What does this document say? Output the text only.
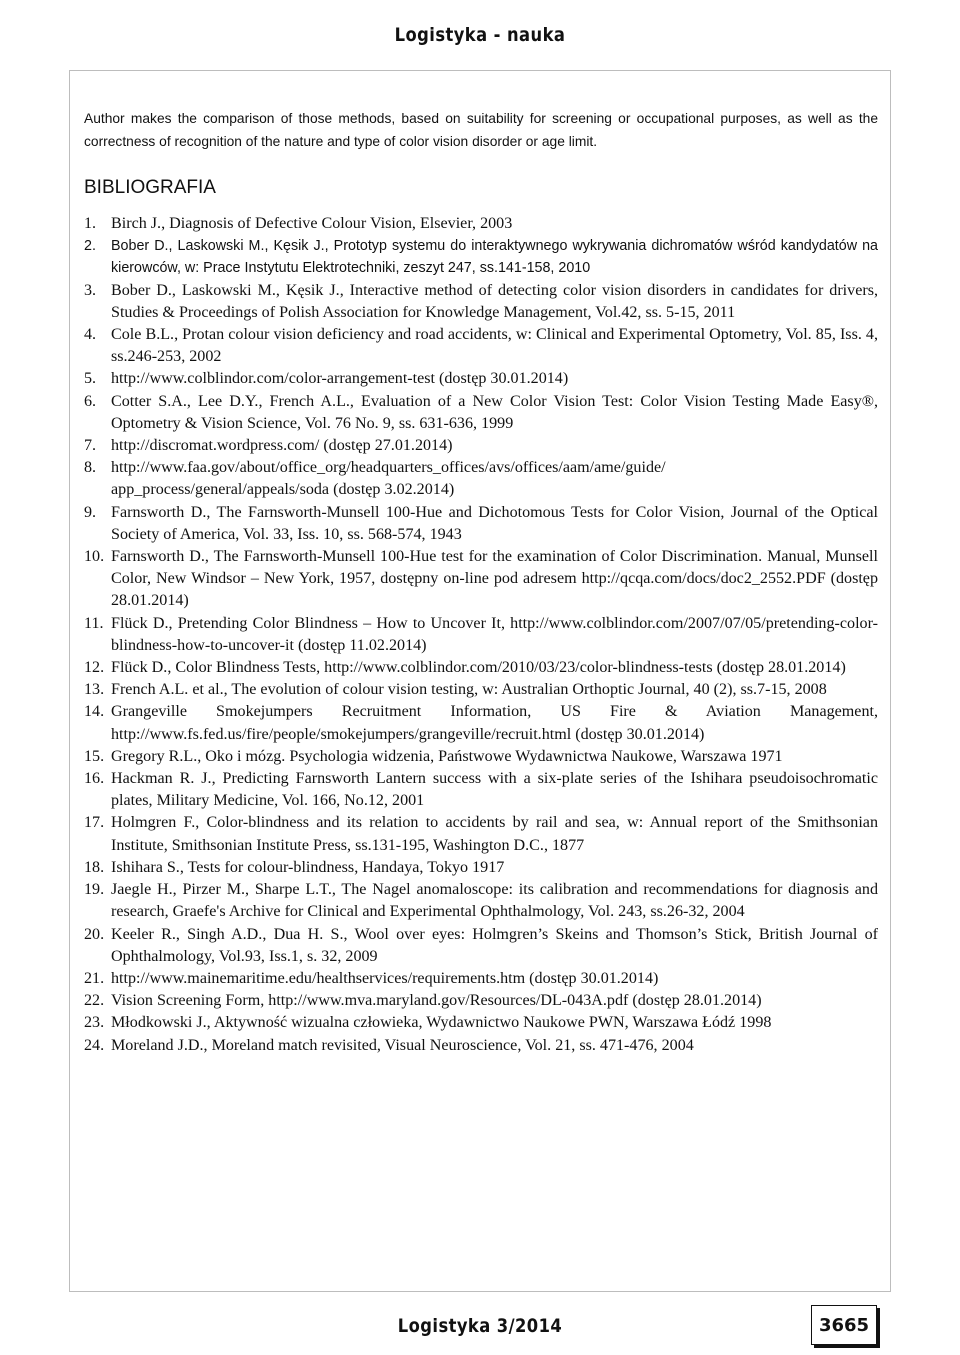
Logistyka - nauka

Author makes the comparison of those methods, based on suitability for screening or occupational purposes, as well as the correctness of recognition of the nature and type of color vision disorder or age limit.

BIBLIOGRAFIA
1. Birch J., Diagnosis of Defective Colour Vision, Elsevier, 2003
2.	Bober D., Laskowski M., Kęsik J., Prototyp systemu do interaktywnego wykrywania dichromatów wśród kandydatów na kierowców, w: Prace Instytutu Elektrotechniki, zeszyt 247, ss.141-158, 2010
3. Bober D., Laskowski M., Kęsik J., Interactive method of detecting color vision disorders in candidates for drivers, Studies & Proceedings of Polish Association for Knowledge Management, Vol.42, ss. 5-15, 2011
4. Cole B.L., Protan colour vision deficiency and road accidents, w: Clinical and Experimental Optometry, Vol. 85, Iss. 4, ss.246-253, 2002
5. http://www.colblindor.com/color-arrangement-test (dostęp 30.01.2014)
6. Cotter S.A., Lee D.Y., French A.L., Evaluation of a New Color Vision Test: Color Vision Testing Made Easy®, Optometry & Vision Science, Vol. 76 No. 9, ss. 631-636, 1999
7. http://discromat.wordpress.com/ (dostęp 27.01.2014)
8. http://www.faa.gov/about/office_org/headquarters_offices/avs/offices/aam/ame/guide/ app_process/general/appeals/soda (dostęp 3.02.2014)
9. Farnsworth D., The Farnsworth-Munsell 100-Hue and Dichotomous Tests for Color Vision, Journal of the Optical Society of America, Vol. 33, Iss. 10, ss. 568-574, 1943
10. Farnsworth D., The Farnsworth-Munsell 100-Hue test for the examination of Color Discrimination. Manual, Munsell Color, New Windsor – New York, 1957, dostępny on-line pod adresem http://qcqa.com/docs/doc2_2552.PDF (dostęp 28.01.2014)
11. Flück D., Pretending Color Blindness – How to Uncover It, http://www.colblindor.com/2007/07/05/pretending-color-blindness-how-to-uncover-it (dostęp 11.02.2014)
12. Flück D., Color Blindness Tests, http://www.colblindor.com/2010/03/23/color-blindness-tests (dostęp 28.01.2014)
13. French A.L. et al., The evolution of colour vision testing, w: Australian Orthoptic Journal, 40 (2), ss.7-15, 2008
14. Grangeville Smokejumpers Recruitment Information, US Fire & Aviation Management, http://www.fs.fed.us/fire/people/smokejumpers/grangeville/recruit.html (dostęp 30.01.2014)
15. Gregory R.L., Oko i mózg. Psychologia widzenia, Państwowe Wydawnictwa Naukowe, Warszawa 1971
16. Hackman R. J., Predicting Farnsworth Lantern success with a six-plate series of the Ishihara pseudoisochromatic plates, Military Medicine, Vol. 166, No.12, 2001
17. Holmgren F., Color-blindness and its relation to accidents by rail and sea, w: Annual report of the Smithsonian Institute, Smithsonian Institute Press, ss.131-195, Washington D.C., 1877
18. Ishihara S., Tests for colour-blindness, Handaya, Tokyo 1917
19. Jaegle H., Pirzer M., Sharpe L.T., The Nagel anomaloscope: its calibration and recommendations for diagnosis and research, Graefe's Archive for Clinical and Experimental Ophthalmology, Vol. 243, ss.26-32, 2004
20. Keeler R., Singh A.D., Dua H. S., Wool over eyes: Holmgren’s Skeins and Thomson’s Stick, British Journal of Ophthalmology, Vol.93, Iss.1, s. 32, 2009
21. http://www.mainemaritime.edu/healthservices/requirements.htm (dostęp 30.01.2014)
22. Vision Screening Form, http://www.mva.maryland.gov/Resources/DL-043A.pdf (dostęp 28.01.2014)
23. Młodkowski J., Aktywność wizualna człowieka, Wydawnictwo Naukowe PWN, Warszawa Łódź 1998
24. Moreland J.D., Moreland match revisited, Visual Neuroscience, Vol. 21, ss. 471-476, 2004
Logistyka 3/2014	3665
